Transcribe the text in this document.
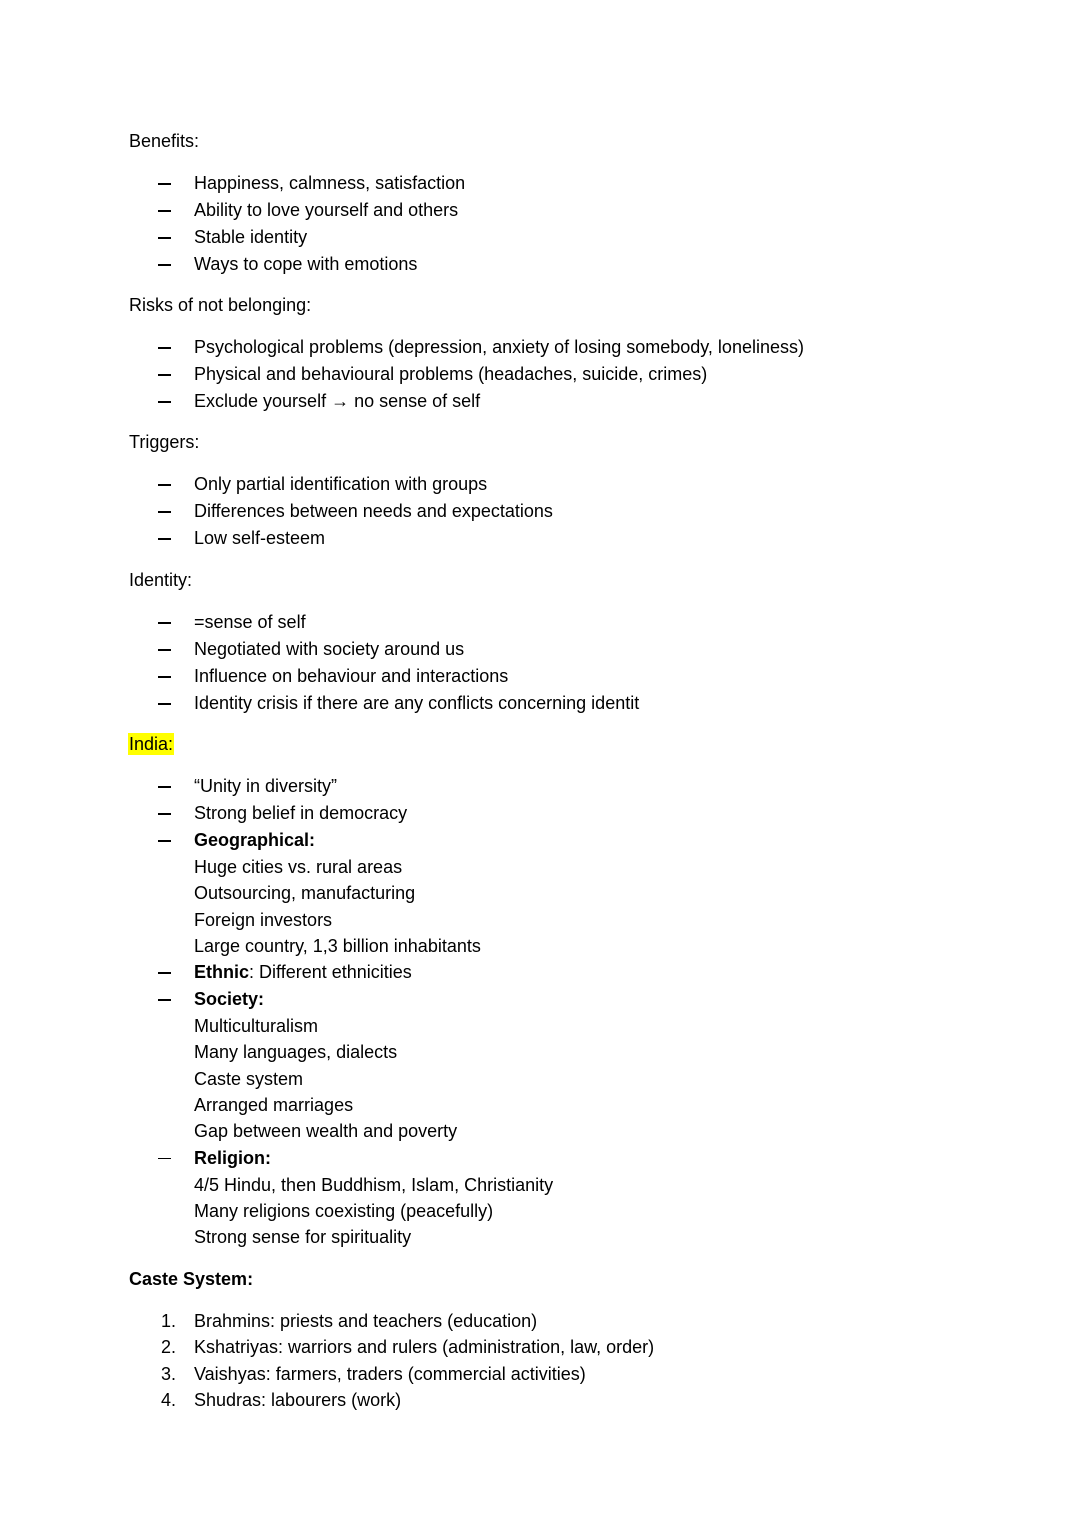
Benefits:
Happiness, calmness, satisfaction
Ability to love yourself and others
Stable identity
Ways to cope with emotions
Risks of not belonging:
Psychological problems (depression, anxiety of losing somebody, loneliness)
Physical and behavioural problems (headaches, suicide, crimes)
Exclude yourself → no sense of self
Triggers:
Only partial identification with groups
Differences between needs and expectations
Low self-esteem
Identity:
=sense of self
Negotiated with society around us
Influence on behaviour and interactions
Identity crisis if there are any conflicts concerning identit
India:
“Unity in diversity”
Strong belief in democracy
Geographical:
Huge cities vs. rural areas
Outsourcing, manufacturing
Foreign investors
Large country, 1,3 billion inhabitants
Ethnic: Different ethnicities
Society:
Multiculturalism
Many languages, dialects
Caste system
Arranged marriages
Gap between wealth and poverty
Religion:
4/5 Hindu, then Buddhism, Islam, Christianity
Many religions coexisting (peacefully)
Strong sense for spirituality
Caste System:
1. Brahmins: priests and teachers (education)
2. Kshatriyas: warriors and rulers (administration, law, order)
3. Vaishyas: farmers, traders (commercial activities)
4. Shudras: labourers (work)
